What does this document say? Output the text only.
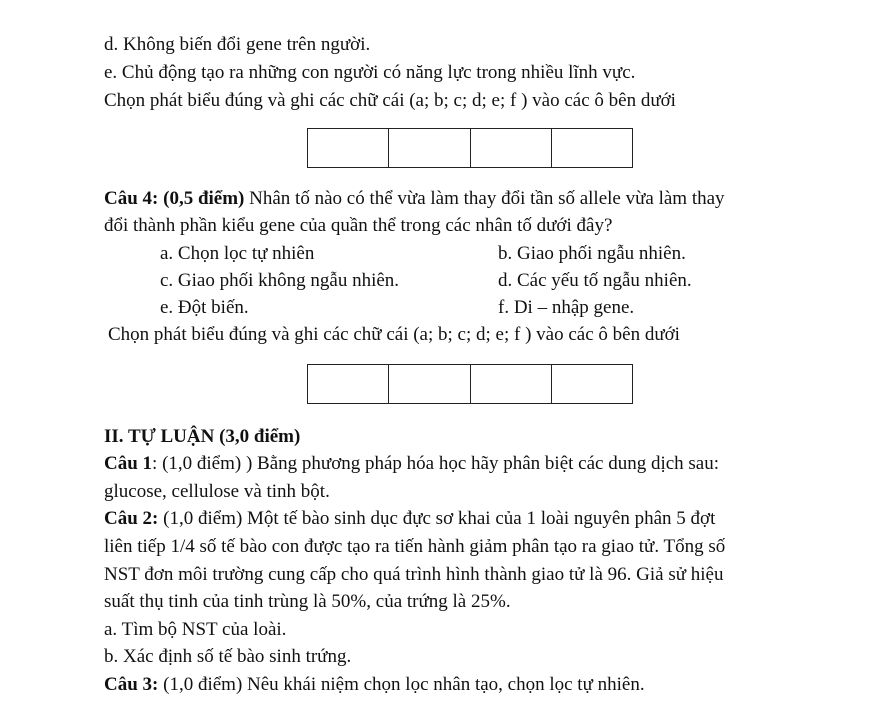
d. Không biến đổi gene trên người.
e. Chủ động tạo ra những con người có năng lực trong nhiều lĩnh vực.
Chọn phát biểu đúng và ghi các chữ cái (a; b; c; d; e; f ) vào các ô bên dưới
Câu 4: (0,5 điểm) Nhân tố nào có thể vừa làm thay đổi tần số allele vừa làm thay
đổi thành phần kiểu gene của quần thể trong các nhân tố dưới đây?
a. Chọn lọc tự nhiên	b. Giao phối ngẫu nhiên.
c. Giao phối không ngẫu nhiên.	d. Các yếu tố ngẫu nhiên.
e. Đột biến.	f. Di – nhập gene.
Chọn phát biểu đúng và ghi các chữ cái (a; b; c; d; e; f ) vào các ô bên dưới
II. TỰ LUẬN (3,0 điểm)
Câu 1: (1,0 điểm) ) Bằng phương pháp hóa học hãy phân biệt các dung dịch sau:
glucose, cellulose và tinh bột.
Câu 2: (1,0 điểm) Một tế bào sinh dục đực sơ khai của 1 loài nguyên phân 5 đợt
liên tiếp 1/4 số tế bào con được tạo ra tiến hành giảm phân tạo ra giao tử. Tổng số
NST đơn môi trường cung cấp cho quá trình hình thành giao tử là 96. Giả sử hiệu
suất thụ tinh của tinh trùng là 50%, của trứng là 25%.
a. Tìm bộ NST của loài.
b. Xác định số tế bào sinh trứng.
Câu 3: (1,0 điểm) Nêu khái niệm chọn lọc nhân tạo, chọn lọc tự nhiên.
